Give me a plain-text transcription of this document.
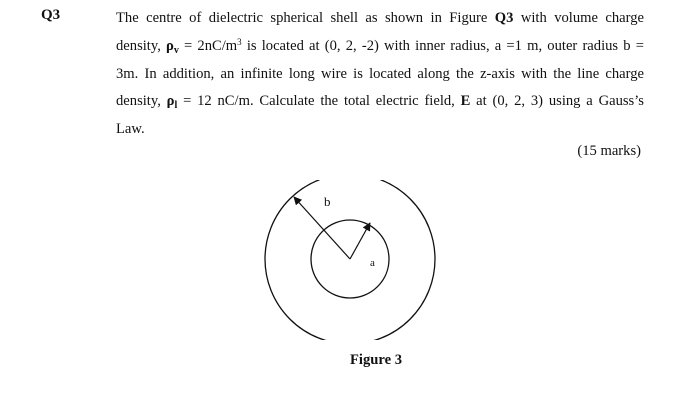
Q3	The centre of dielectric spherical shell as shown in Figure Q3 with volume charge
density, $\rho_v = 2nC/m^3$ is located at (0, 2, -2) with inner radius, a =1 m, outer radius b =
3m. In addition, an infinite long wire is located along the z-axis with the line charge
density, $\rho_l = 12$ nC/m. Calculate the total electric field, E at (0, 2, 3) using a Gauss’s
Law.
(15 marks)
b
a
Figure 3
